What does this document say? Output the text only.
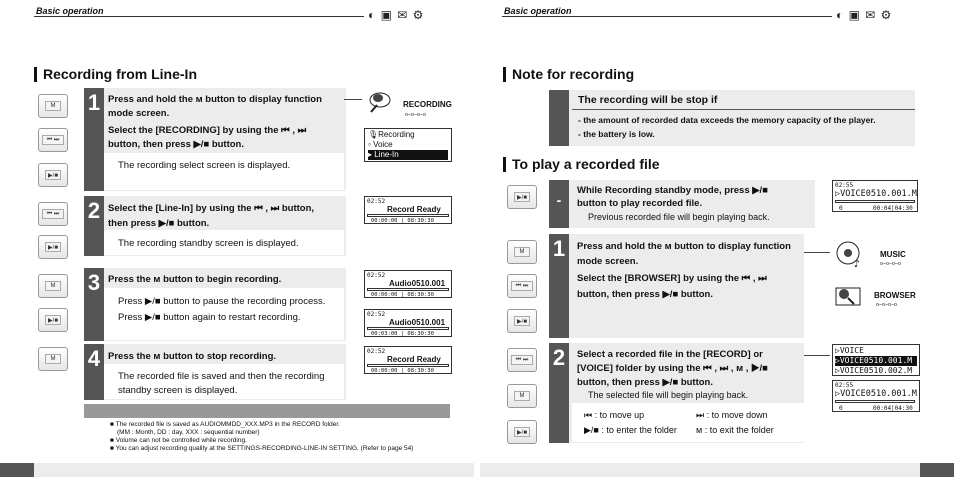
Basic operation	◐ ▣ ✉ ⚙
Recording from Line-In
M
⏮ ⏭
▶/■
⏮ ⏭
▶/■
M
▶/■
M
1 Press and hold the ᴍ button to display function
mode screen.
Select the [RECORDING] by using the ⏮ , ⏭
button, then press ▶/■ button.
The recording select screen is displayed.
2 Select the [Line-In] by using the ⏮ , ⏭ button,
then press ▶/■ button.
The recording standby screen is displayed.
3 Press the ᴍ button to begin recording.
Press ▶/■ button to pause the recording process.
Press ▶/■ button again to restart recording.
4 Press the ᴍ button to stop recording.
The recorded file is saved and then the recording
standby screen is displayed.
RECORDING
o—o—o—o
🎙Recording
▫ Voice
▸ Line-In
02:52
Record Ready
00:00:00 | 08:30:30
02:52
Audio0510.001
00:00:00 | 08:30:30
02:52
Audio0510.001
00:03:00 | 08:30:30
02:52
Record Ready
00:00:00 | 08:30:30
■ The recorded file is saved as AUDIOMMDD_XXX.MP3 in the RECORD folder.
(MM : Month, DD : day, XXX : sequential number)
■ Volume can not be controlled while recording.
■ You can adjust recording quality at the SETTINGS-RECORDING-LINE-IN SETTING. (Refer to page 54)
Basic operation	◐ ▣ ✉ ⚙
Note for recording
The recording will be stop if
- the amount of recorded data exceeds the memory capacity of the player.
- the battery is low.
To play a recorded file
▶/■
M
⏮ ⏭
▶/■
⏮ ⏭
M
▶/■
-
While Recording standby mode, press ▶/■
button to play recorded file.
Previous recorded file will begin playing back.
02:55
▷VOICE0510.001.M
0	00:04|04:30
1	Press and hold the ᴍ button to display function
mode screen.
Select the [BROWSER] by using the ⏮ , ⏭
button, then press ▶/■ button.
♪
MUSIC
o—o—o—o
BROWSER
o—o—o—o
2	Select a recorded file in the [RECORD] or
[VOICE] folder by using the ⏮ , ⏭ , ᴍ , ▶/■
button, then press ▶/■ button.
The selected file will begin playing back.
⏮ : to move up	⏭ : to move down
▶/■ : to enter the folder ᴍ : to exit the folder
▷VOICE
▷VOICE0510.001.M
▷VOICE0510.002.M
02:55
▷VOICE0510.001.M
0	00:04|04:30
